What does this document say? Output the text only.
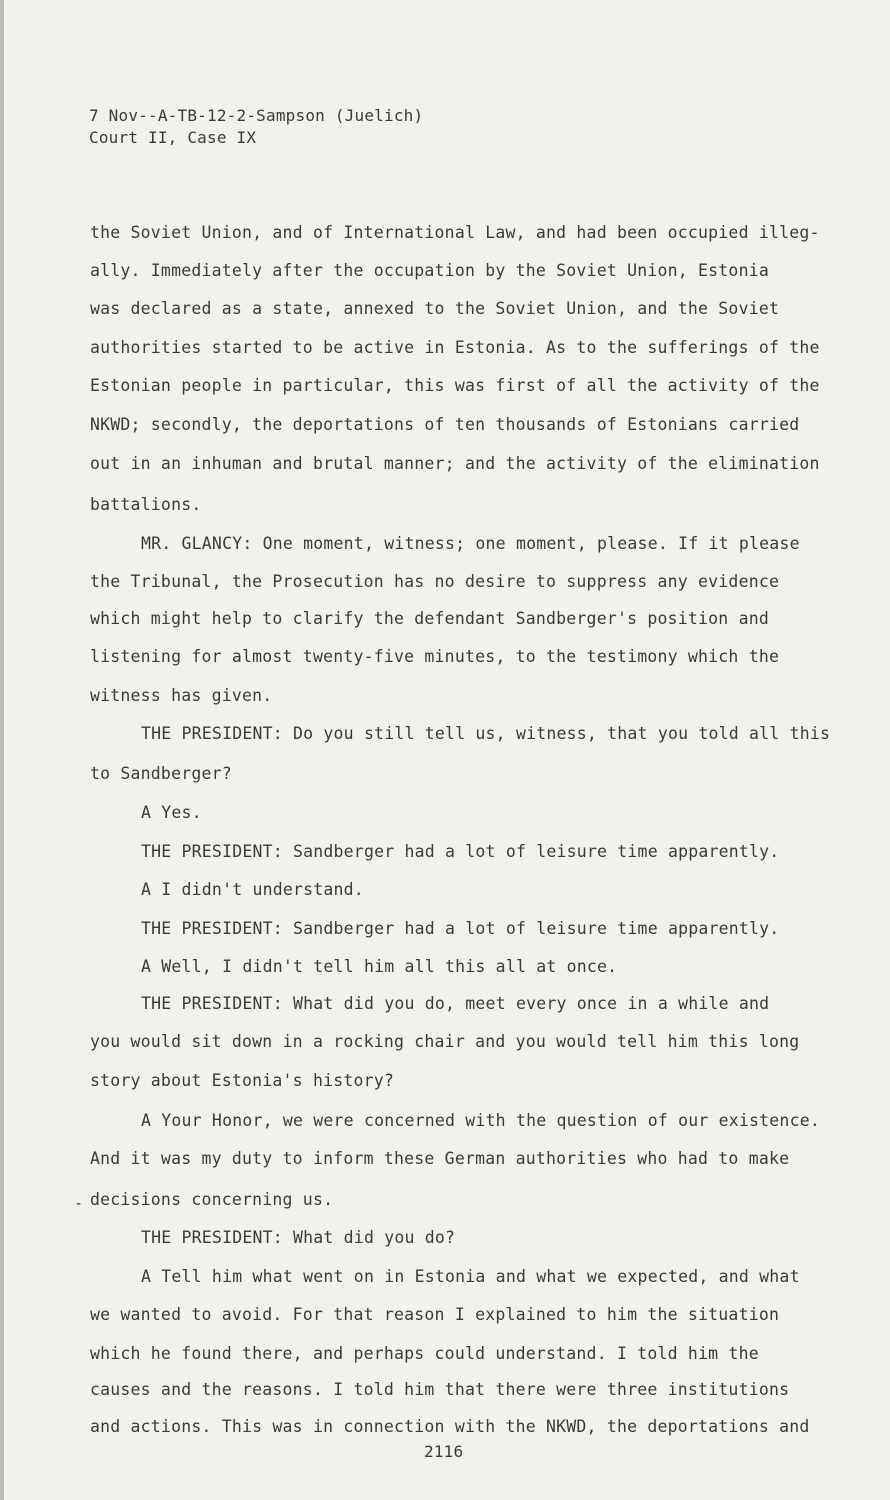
7 Nov--A-TB-12-2-Sampson (Juelich)
Court II, Case IX
the Soviet Union, and of International Law, and had been occupied illeg-
ally. Immediately after the occupation by the Soviet Union, Estonia
was declared as a state, annexed to the Soviet Union, and the Soviet
authorities started to be active in Estonia. As to the sufferings of the
Estonian people in particular, this was first of all the activity of the
NKWD; secondly, the deportations of ten thousands of Estonians carried
out in an inhuman and brutal manner; and the activity of the elimination
battalions.
MR. GLANCY: One moment, witness; one moment, please. If it please
the Tribunal, the Prosecution has no desire to suppress any evidence
which might help to clarify the defendant Sandberger's position and
listening for almost twenty-five minutes, to the testimony which the
witness has given.
THE PRESIDENT: Do you still tell us, witness, that you told all this
to Sandberger?
A Yes.
THE PRESIDENT: Sandberger had a lot of leisure time apparently.
A I didn't understand.
THE PRESIDENT: Sandberger had a lot of leisure time apparently.
A Well, I didn't tell him all this all at once.
THE PRESIDENT: What did you do, meet every once in a while and
you would sit down in a rocking chair and you would tell him this long
story about Estonia's history?
A Your Honor, we were concerned with the question of our existence.
And it was my duty to inform these German authorities who had to make
decisions concerning us.
-
THE PRESIDENT: What did you do?
A Tell him what went on in Estonia and what we expected, and what
we wanted to avoid. For that reason I explained to him the situation
which he found there, and perhaps could understand. I told him the
causes and the reasons. I told him that there were three institutions
and actions. This was in connection with the NKWD, the deportations and
2116
